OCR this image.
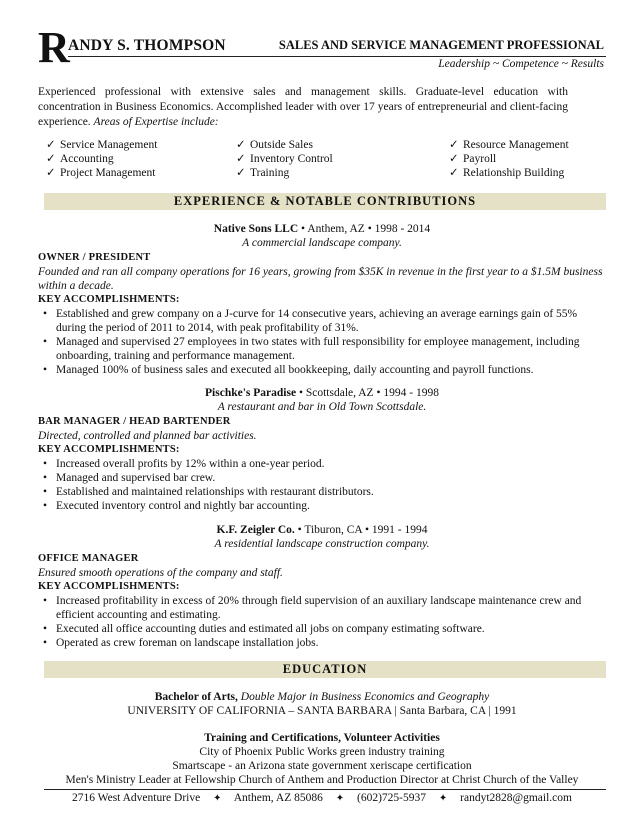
R
ANDY S. THOMPSON	SALES AND SERVICE MANAGEMENT PROFESSIONAL
Leadership ~ Competence ~ Results
Experienced professional with extensive sales and management skills. Graduate-level education with concentration in Business Economics. Accomplished leader with over 17 years of entrepreneurial and client-facing experience. Areas of Expertise include:
✓ Service Management
✓ Accounting
✓ Project Management
✓ Outside Sales
✓ Inventory Control
✓ Training
✓ Resource Management
✓ Payroll
✓ Relationship Building
EXPERIENCE & NOTABLE CONTRIBUTIONS
Native Sons LLC • Anthem, AZ • 1998 - 2014
A commercial landscape company.
OWNER / PRESIDENT
Founded and ran all company operations for 16 years, growing from $35K in revenue in the first year to a $1.5M business within a decade.
KEY ACCOMPLISHMENTS:
• Established and grew company on a J-curve for 14 consecutive years, achieving an average earnings gain of 55% during the period of 2011 to 2014, with peak profitability of 31%.
• Managed and supervised 27 employees in two states with full responsibility for employee management, including onboarding, training and performance management.
• Managed 100% of business sales and executed all bookkeeping, daily accounting and payroll functions.
Pischke's Paradise • Scottsdale, AZ • 1994 - 1998
A restaurant and bar in Old Town Scottsdale.
BAR MANAGER / HEAD BARTENDER
Directed, controlled and planned bar activities.
KEY ACCOMPLISHMENTS:
• Increased overall profits by 12% within a one-year period.
• Managed and supervised bar crew.
• Established and maintained relationships with restaurant distributors.
• Executed inventory control and nightly bar accounting.
K.F. Zeigler Co. • Tiburon, CA • 1991 - 1994
A residential landscape construction company.
OFFICE MANAGER
Ensured smooth operations of the company and staff.
KEY ACCOMPLISHMENTS:
• Increased profitability in excess of 20% through field supervision of an auxiliary landscape maintenance crew and efficient accounting and estimating.
• Executed all office accounting duties and estimated all jobs on company estimating software.
• Operated as crew foreman on landscape installation jobs.
EDUCATION
Bachelor of Arts, Double Major in Business Economics and Geography
UNIVERSITY OF CALIFORNIA – SANTA BARBARA | Santa Barbara, CA | 1991
Training and Certifications, Volunteer Activities
City of Phoenix Public Works green industry training
Smartscape - an Arizona state government xeriscape certification
Men's Ministry Leader at Fellowship Church of Anthem and Production Director at Christ Church of the Valley
2716 West Adventure Drive ✦ Anthem, AZ 85086 ✦ (602)725-5937 ✦ randyt2828@gmail.com
